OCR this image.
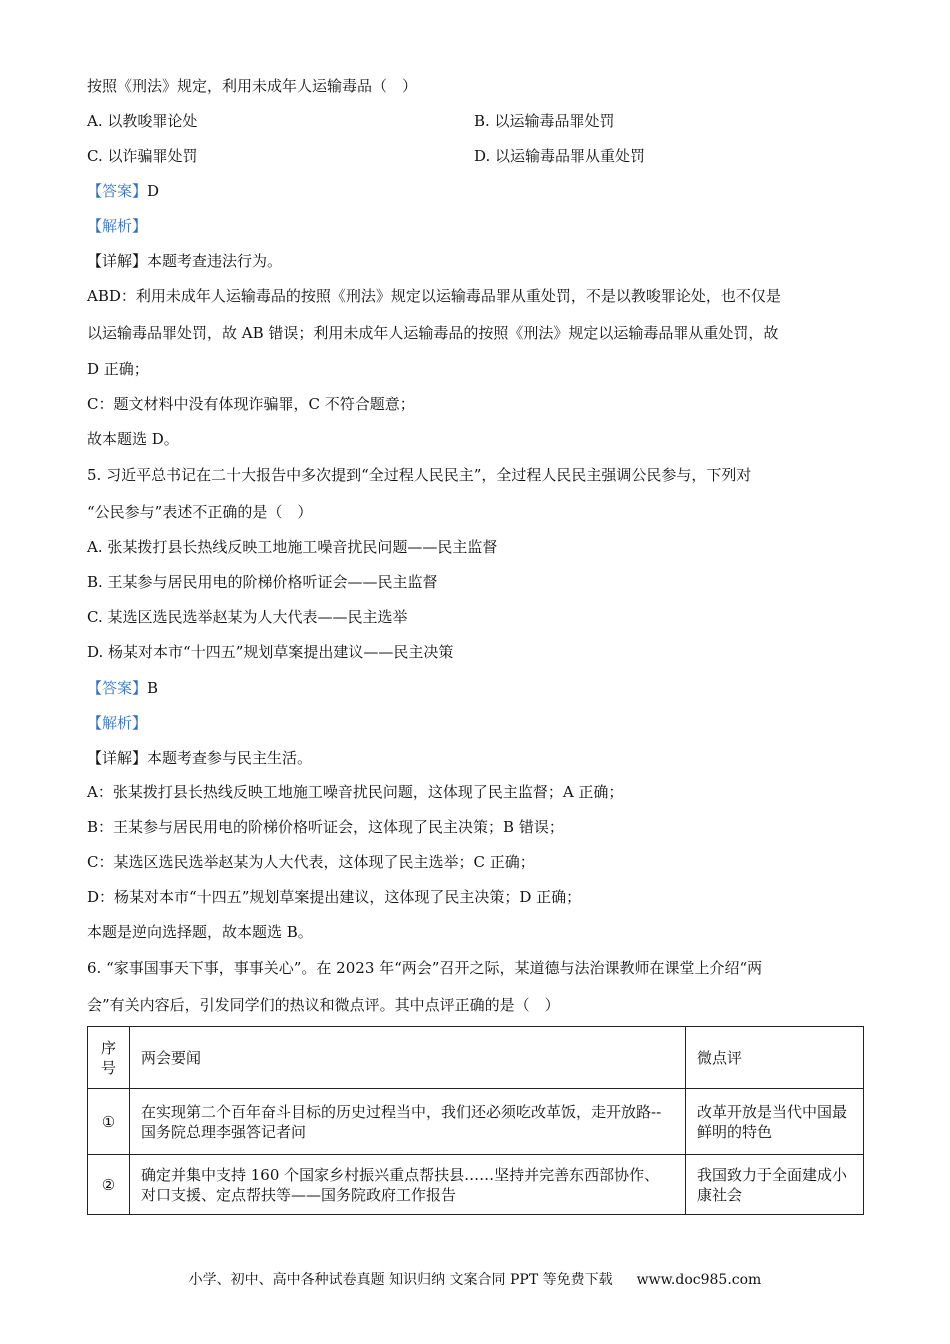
按照《刑法》规定，利用未成年人运输毒品（　）
A. 以教唆罪论处	B. 以运输毒品罪处罚
C. 以诈骗罪处罚	D. 以运输毒品罪从重处罚
【答案】D
【解析】
【详解】本题考查违法行为。
ABD：利用未成年人运输毒品的按照《刑法》规定以运输毒品罪从重处罚，不是以教唆罪论处，也不仅是
以运输毒品罪处罚，故 AB 错误；利用未成年人运输毒品的按照《刑法》规定以运输毒品罪从重处罚，故
D 正确；
C：题文材料中没有体现诈骗罪，C 不符合题意；
故本题选 D。
5. 习近平总书记在二十大报告中多次提到“全过程人民民主”，全过程人民民主强调公民参与，下列对
“公民参与”表述不正确的是（　）
A. 张某拨打县长热线反映工地施工噪音扰民问题——民主监督
B. 王某参与居民用电的阶梯价格听证会——民主监督
C. 某选区选民选举赵某为人大代表——民主选举
D. 杨某对本市“十四五”规划草案提出建议——民主决策
【答案】B
【解析】
【详解】本题考查参与民主生活。
A：张某拨打县长热线反映工地施工噪音扰民问题，这体现了民主监督；A 正确；
B：王某参与居民用电的阶梯价格听证会，这体现了民主决策；B 错误；
C：某选区选民选举赵某为人大代表，这体现了民主选举；C 正确；
D：杨某对本市“十四五”规划草案提出建议，这体现了民主决策；D 正确；
本题是逆向选择题，故本题选 B。
6. “家事国事天下事，事事关心”。在 2023 年“两会”召开之际，某道德与法治课教师在课堂上介绍“两
会”有关内容后，引发同学们的热议和微点评。其中点评正确的是（　）
序号	两会要闻	微点评
①	在实现第二个百年奋斗目标的历史过程当中，我们还必须吃改革饭，走开放路--国务院总理李强答记者问	改革开放是当代中国最鲜明的特色
②	确定并集中支持 160 个国家乡村振兴重点帮扶县……坚持并完善东西部协作、对口支援、定点帮扶等——国务院政府工作报告	我国致力于全面建成小康社会
小学、初中、高中各种试卷真题 知识归纳 文案合同 PPT 等免费下载 www.doc985.com
